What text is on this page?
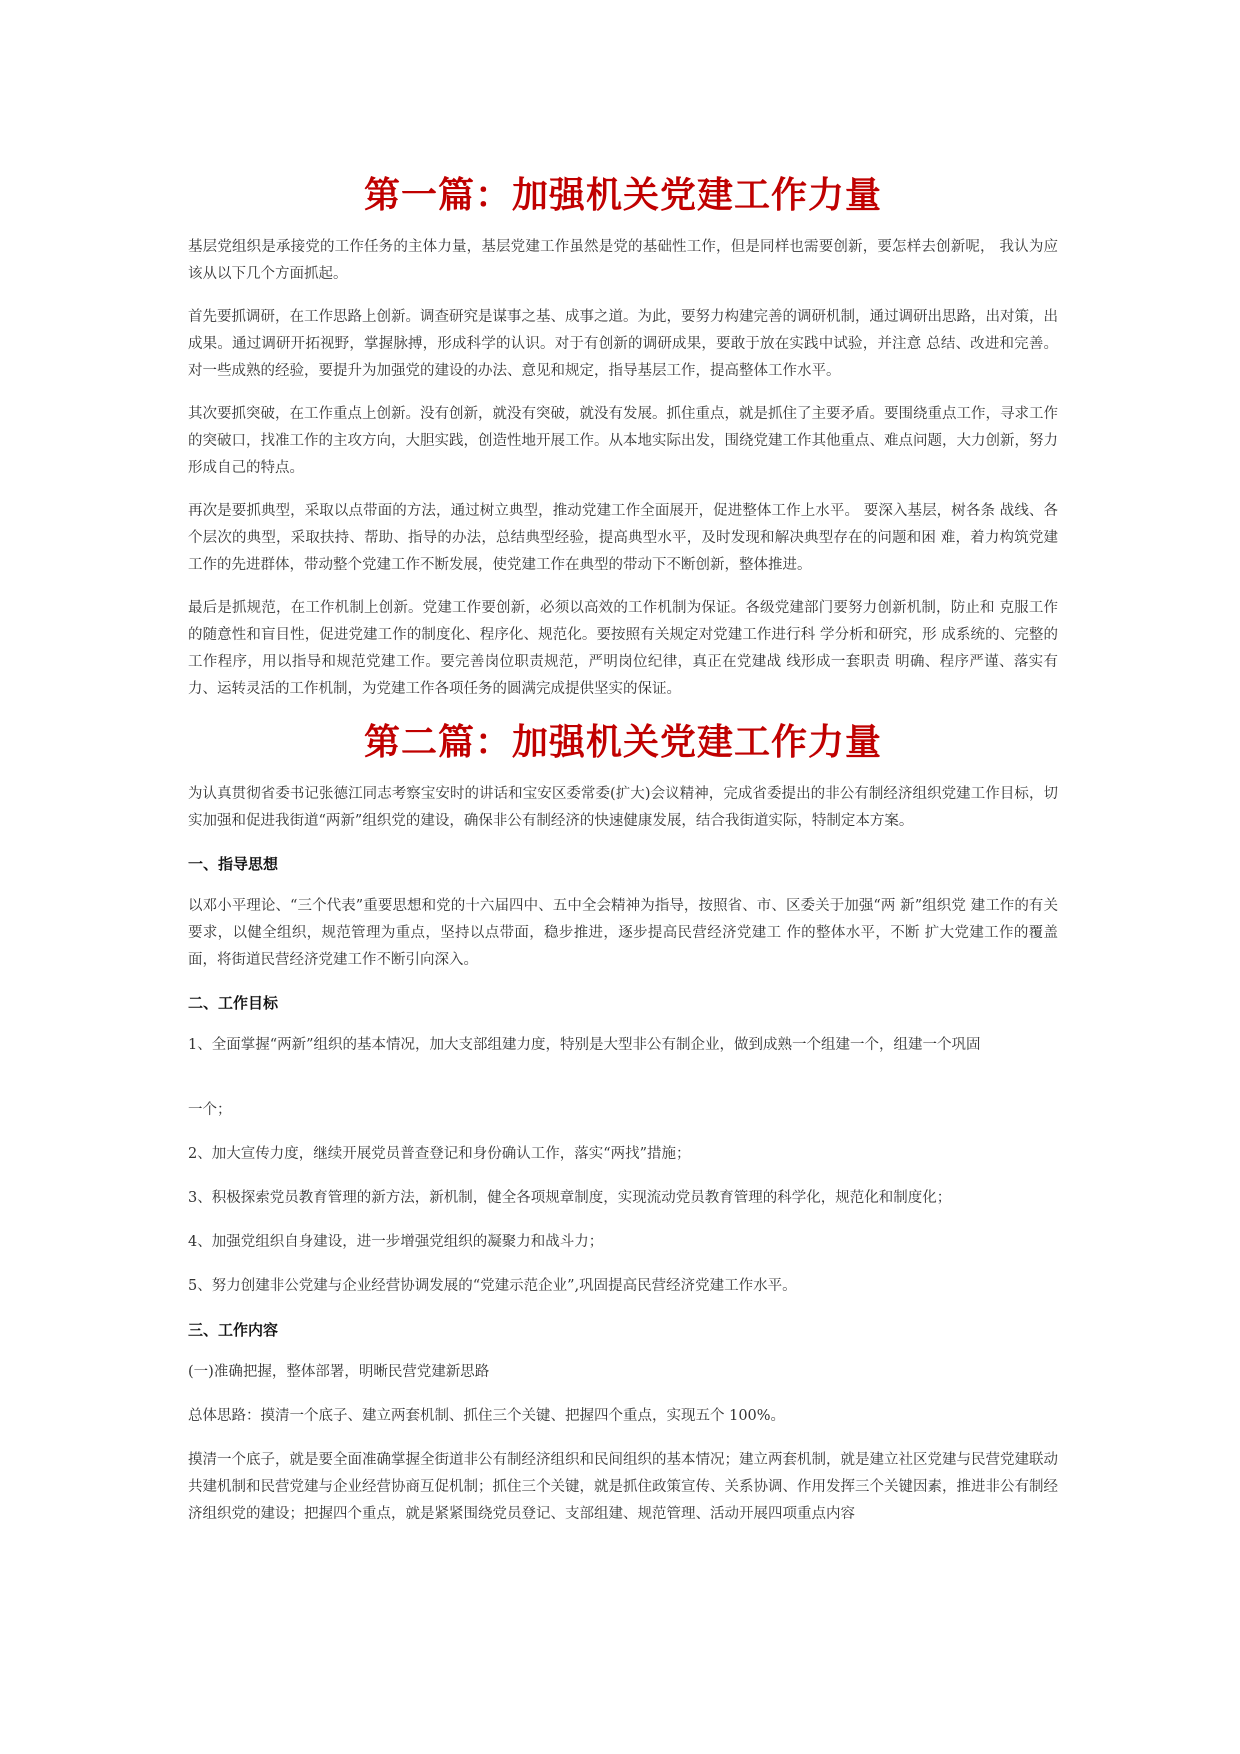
第一篇：加强机关党建工作力量

基层党组织是承接党的工作任务的主体力量，基层党建工作虽然是党的基础性工作，但是同样也需要创新，要怎样去创新呢， 我认为应该从以下几个方面抓起。

首先要抓调研，在工作思路上创新。调查研究是谋事之基、成事之道。为此，要努力构建完善的调研机制，通过调研出思路，出对策，出成果。通过调研开拓视野，掌握脉搏，形成科学的认识。对于有创新的调研成果，要敢于放在实践中试验，并注意 总结、改进和完善。对一些成熟的经验，要提升为加强党的建设的办法、意见和规定，指导基层工作，提高整体工作水平。

其次要抓突破，在工作重点上创新。没有创新，就没有突破，就没有发展。抓住重点，就是抓住了主要矛盾。要围绕重点工作，寻求工作的突破口，找准工作的主攻方向，大胆实践，创造性地开展工作。从本地实际出发，围绕党建工作其他重点、难点问题，大力创新，努力形成自己的特点。

再次是要抓典型，采取以点带面的方法，通过树立典型，推动党建工作全面展开，促进整体工作上水平。 要深入基层，树各条 战线、各个层次的典型，采取扶持、帮助、指导的办法，总结典型经验，提高典型水平，及时发现和解决典型存在的问题和困 难，着力构筑党建工作的先进群体，带动整个党建工作不断发展，使党建工作在典型的带动下不断创新，整体推进。

最后是抓规范，在工作机制上创新。党建工作要创新，必须以高效的工作机制为保证。各级党建部门要努力创新机制，防止和 克服工作的随意性和盲目性，促进党建工作的制度化、程序化、规范化。要按照有关规定对党建工作进行科 学分析和研究，形 成系统的、完整的工作程序，用以指导和规范党建工作。要完善岗位职责规范，严明岗位纪律，真正在党建战 线形成一套职责 明确、程序严谨、落实有力、运转灵活的工作机制，为党建工作各项任务的圆满完成提供坚实的保证。

第二篇：加强机关党建工作力量

为认真贯彻省委书记张德江同志考察宝安时的讲话和宝安区委常委(扩大)会议精神，完成省委提出的非公有制经济组织党建工作目标，切实加强和促进我街道“两新”组织党的建设，确保非公有制经济的快速健康发展，结合我街道实际，特制定本方案。

一、指导思想

以邓小平理论、“三个代表”重要思想和党的十六届四中、五中全会精神为指导，按照省、市、区委关于加强“两 新”组织党 建工作的有关要求，以健全组织，规范管理为重点，坚持以点带面，稳步推进，逐步提高民营经济党建工 作的整体水平，不断 扩大党建工作的覆盖面，将街道民营经济党建工作不断引向深入。

二、工作目标

1、全面掌握“两新”组织的基本情况，加大支部组建力度，特别是大型非公有制企业，做到成熟一个组建一个，组建一个巩固

一个；

2、加大宣传力度，继续开展党员普查登记和身份确认工作，落实“两找”措施；

3、积极探索党员教育管理的新方法，新机制，健全各项规章制度，实现流动党员教育管理的科学化，规范化和制度化；

4、加强党组织自身建设，进一步增强党组织的凝聚力和战斗力；

5、努力创建非公党建与企业经营协调发展的“党建示范企业”,巩固提高民营经济党建工作水平。

三、工作内容

(一)准确把握，整体部署，明晰民营党建新思路

总体思路：摸清一个底子、建立两套机制、抓住三个关键、把握四个重点，实现五个 100%。

摸清一个底子，就是要全面准确掌握全街道非公有制经济组织和民间组织的基本情况；建立两套机制，就是建立社区党建与民营党建联动共建机制和民营党建与企业经营协商互促机制；抓住三个关键，就是抓住政策宣传、关系协调、作用发挥三个关键因素，推进非公有制经济组织党的建设；把握四个重点，就是紧紧围绕党员登记、支部组建、规范管理、活动开展四项重点内容
